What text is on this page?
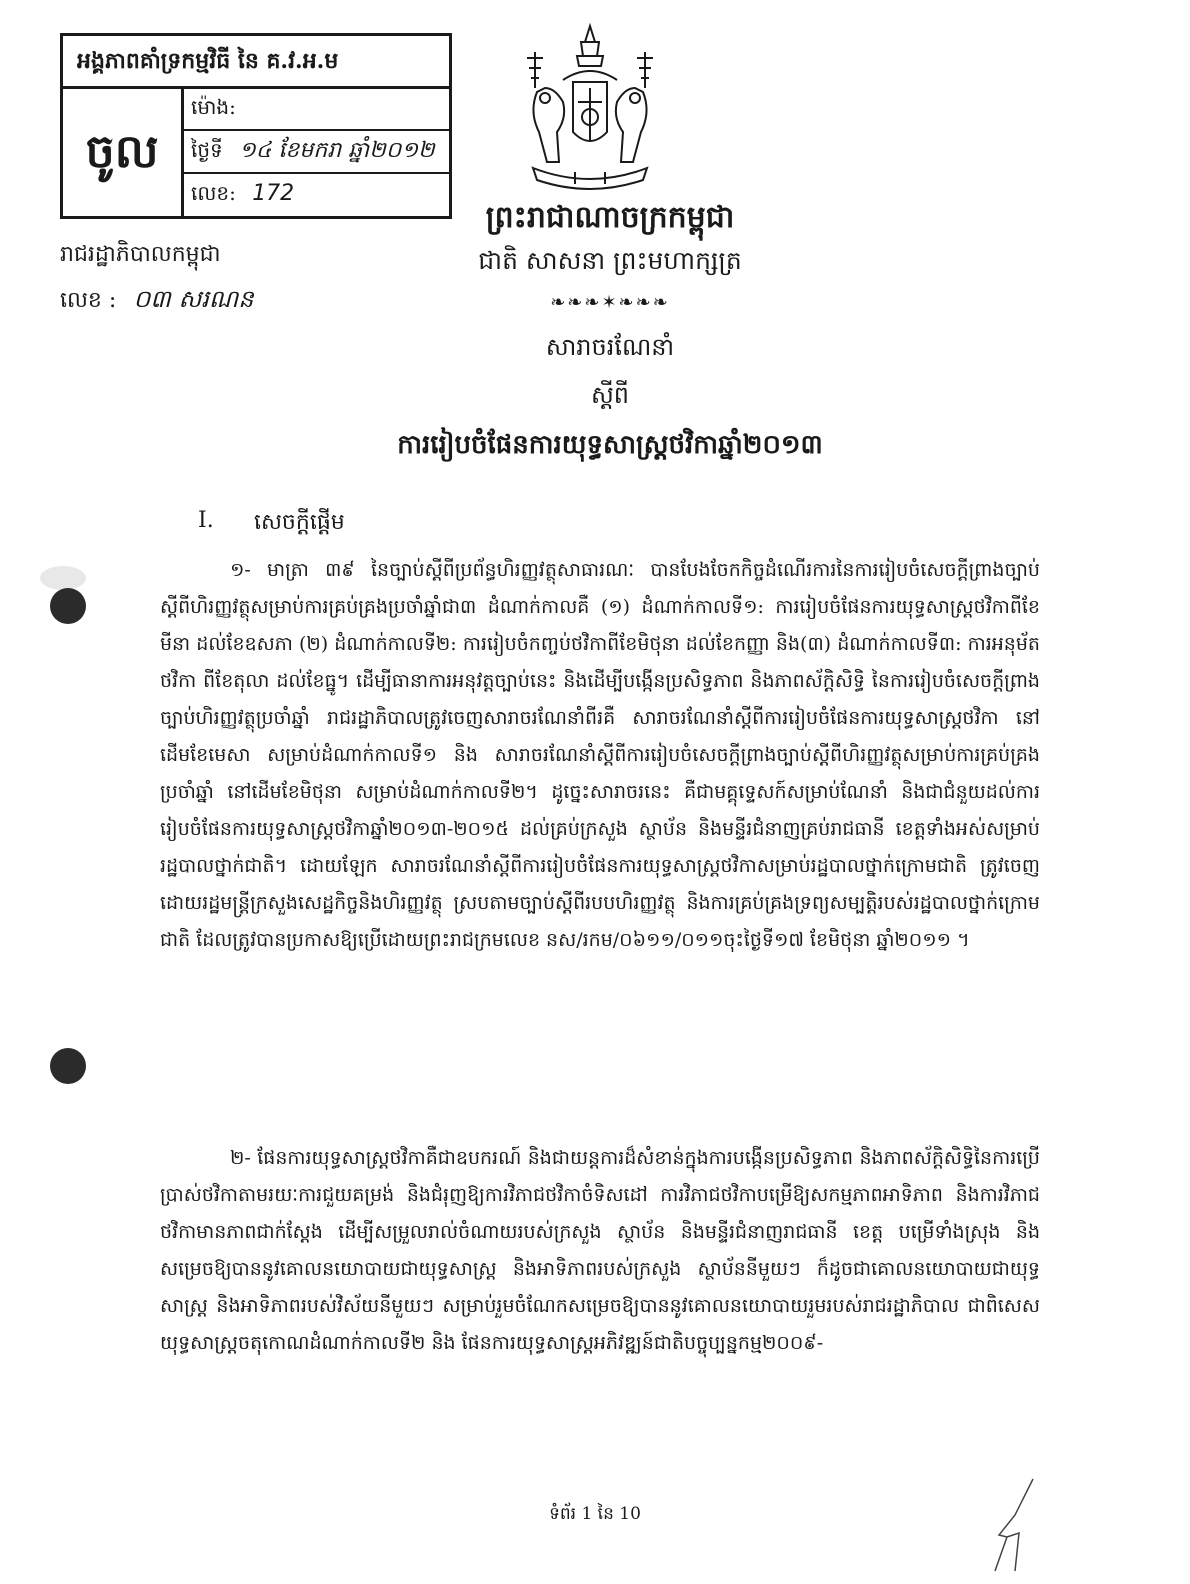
អង្គភាពគាំទ្រកម្មវិធី នៃ គ.វ.អ.ម
ចូល
ម៉ោង:
ថ្ងៃទី ១៤ ខែមករា ឆ្នាំ២០១២
លេខ: 172
រាជរដ្ឋាភិបាលកម្ពុជា
លេខ : ០៣ សរណន
ព្រះរាជាណាចក្រកម្ពុជា
ជាតិ សាសនា ព្រះមហាក្សត្រ
❧❧❧✶❧❧❧
សារាចរណែនាំ
ស្តីពី
ការរៀបចំផែនការយុទ្ធសាស្ត្រថវិកាឆ្នាំ២០១៣
I. សេចក្តីផ្តើម
១- មាត្រា ៣៩ នៃច្បាប់ស្តីពីប្រព័ន្ធហិរញ្ញវត្ថុសាធារណៈ បានបែងចែកកិច្ចដំណើរការនៃការរៀបចំសេចក្តីព្រាងច្បាប់ស្តីពីហិរញ្ញវត្ថុសម្រាប់ការគ្រប់គ្រងប្រចាំឆ្នាំជា៣ ដំណាក់កាលគឺ (១) ដំណាក់កាលទី១: ការរៀបចំផែនការយុទ្ធសាស្ត្រថវិកាពីខែមីនា ដល់ខែឧសភា (២) ដំណាក់កាលទី២: ការរៀបចំកញ្ចប់ថវិកាពីខែមិថុនា ដល់ខែកញ្ញា និង(៣) ដំណាក់កាលទី៣: ការអនុម័តថវិកា ពីខែតុលា ដល់ខែធ្នូ។ ដើម្បីធានាការអនុវត្តច្បាប់នេះ និងដើម្បីបង្កើនប្រសិទ្ធភាព និងភាពស័ក្តិសិទ្ធិ នៃការរៀបចំសេចក្តីព្រាងច្បាប់ហិរញ្ញវត្ថុប្រចាំឆ្នាំ រាជរដ្ឋាភិបាលត្រូវចេញសារាចរណែនាំពីរគឺ សារាចរណែនាំស្តីពីការរៀបចំផែនការយុទ្ធសាស្ត្រថវិកា នៅដើមខែមេសា សម្រាប់ដំណាក់កាលទី១ និង សារាចរណែនាំស្តីពីការរៀបចំសេចក្តីព្រាងច្បាប់ស្តីពីហិរញ្ញវត្ថុសម្រាប់ការគ្រប់គ្រងប្រចាំឆ្នាំ នៅដើមខែមិថុនា សម្រាប់ដំណាក់កាលទី២។ ដូច្នេះសារាចរនេះ គឺជាមគ្គុទ្ទេសក៍សម្រាប់ណែនាំ និងជាជំនួយដល់ការរៀបចំផែនការយុទ្ធសាស្ត្រថវិកាឆ្នាំ២០១៣-២០១៥ ដល់គ្រប់ក្រសួង ស្ថាប័ន និងមន្ទីរជំនាញគ្រប់រាជធានី ខេត្តទាំងអស់សម្រាប់រដ្ឋបាលថ្នាក់ជាតិ។ ដោយឡែក សារាចរណែនាំស្តីពីការរៀបចំផែនការយុទ្ធសាស្ត្រថវិកាសម្រាប់រដ្ឋបាលថ្នាក់ក្រោមជាតិ ត្រូវចេញដោយរដ្ឋមន្ត្រីក្រសួងសេដ្ឋកិច្ចនិងហិរញ្ញវត្ថុ ស្របតាមច្បាប់ស្តីពីរបបហិរញ្ញវត្ថុ និងការគ្រប់គ្រងទ្រព្យសម្បត្តិរបស់រដ្ឋបាលថ្នាក់ក្រោមជាតិ ដែលត្រូវបានប្រកាសឱ្យប្រើដោយព្រះរាជក្រមលេខ នស/រកម/០៦១១/០១១ចុះថ្ងៃទី១៧ ខែមិថុនា ឆ្នាំ២០១១ ។
២- ផែនការយុទ្ធសាស្ត្រថវិកាគឺជាឧបករណ៍ និងជាយន្តការដ៏សំខាន់ក្នុងការបង្កើនប្រសិទ្ធភាព និងភាពស័ក្តិសិទ្ធិនៃការប្រើប្រាស់ថវិកាតាមរយៈការជួយគម្រង់ និងជំរុញឱ្យការវិភាជថវិកាចំទិសដៅ ការវិភាជថវិកាបម្រើឱ្យសកម្មភាពអាទិភាព និងការវិភាជថវិកាមានភាពជាក់ស្តែង ដើម្បីសម្រួលរាល់ចំណាយរបស់ក្រសួង ស្ថាប័ន និងមន្ទីរជំនាញរាជធានី ខេត្ត បម្រើទាំងស្រុង និងសម្រេចឱ្យបាននូវគោលនយោបាយជាយុទ្ធសាស្ត្រ និងអាទិភាពរបស់ក្រសួង ស្ថាប័ននីមួយៗ ក៏ដូចជាគោលនយោបាយជាយុទ្ធសាស្ត្រ និងអាទិភាពរបស់វិស័យនីមួយៗ សម្រាប់រួមចំណែកសម្រេចឱ្យបាននូវគោលនយោបាយរួមរបស់រាជរដ្ឋាភិបាល ជាពិសេស យុទ្ធសាស្ត្រចតុកោណដំណាក់កាលទី២ និង ផែនការយុទ្ធសាស្ត្រអភិវឌ្ឍន៍ជាតិបច្ចុប្បន្នកម្ម២០០៩-
ទំព័រ 1 នៃ 10
